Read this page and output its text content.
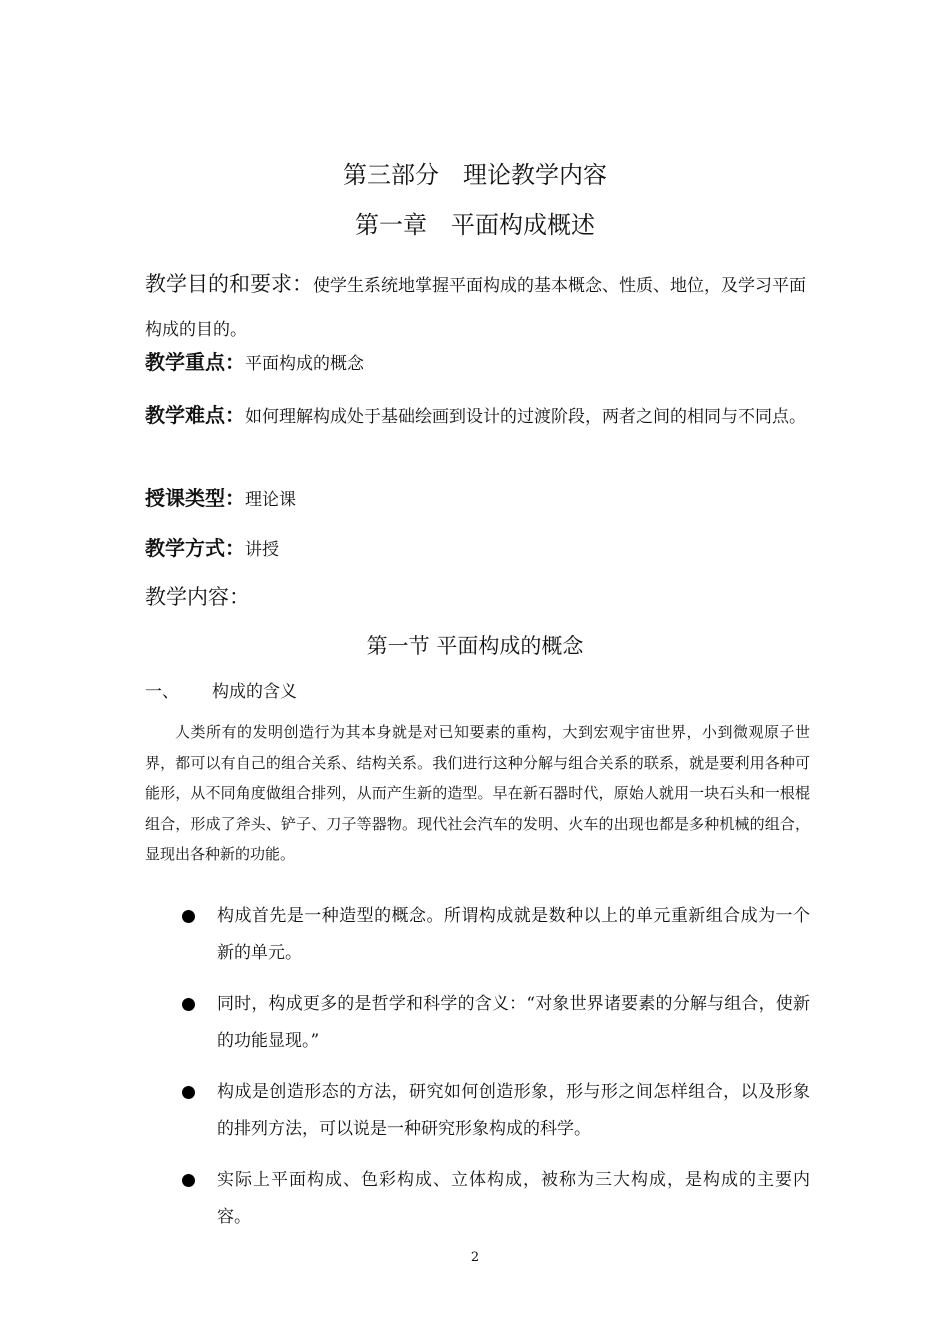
第三部分　理论教学内容
第一章　平面构成概述
教学目的和要求：使学生系统地掌握平面构成的基本概念、性质、地位，及学习平面构成的目的。
教学重点：平面构成的概念
教学难点：如何理解构成处于基础绘画到设计的过渡阶段，两者之间的相同与不同点。
授课类型：理论课
教学方式：讲授
教学内容：
第一节 平面构成的概念
一、 构成的含义
人类所有的发明创造行为其本身就是对已知要素的重构，大到宏观宇宙世界，小到微观原子世界，都可以有自己的组合关系、结构关系。我们进行这种分解与组合关系的联系，就是要利用各种可能形，从不同角度做组合排列，从而产生新的造型。早在新石器时代，原始人就用一块石头和一根棍组合，形成了斧头、铲子、刀子等器物。现代社会汽车的发明、火车的出现也都是多种机械的组合，显现出各种新的功能。
构成首先是一种造型的概念。所谓构成就是数种以上的单元重新组合成为一个新的单元。
同时，构成更多的是哲学和科学的含义：“对象世界诸要素的分解与组合，使新的功能显现。”
构成是创造形态的方法，研究如何创造形象，形与形之间怎样组合，以及形象的排列方法，可以说是一种研究形象构成的科学。
实际上平面构成、色彩构成、立体构成，被称为三大构成，是构成的主要内容。
2
